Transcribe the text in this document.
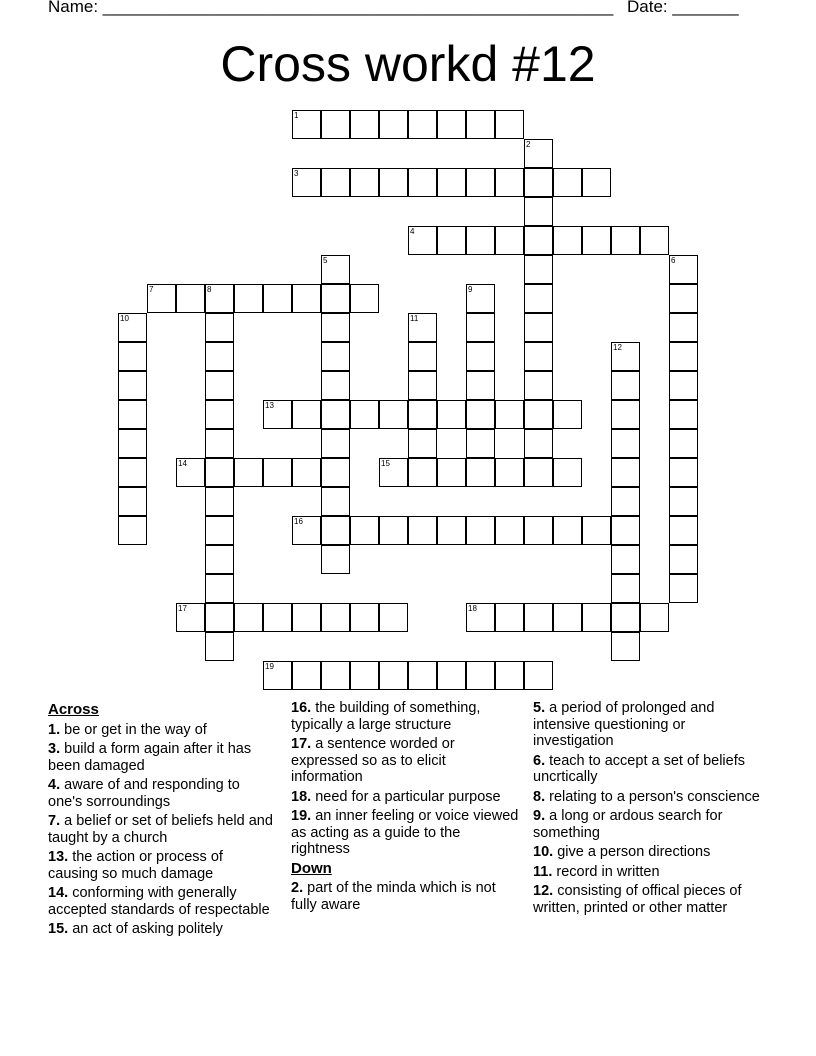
Name: ______________________________________________________ Date: _______
Cross workd #12
1
2
3
4
5	6
7	8	9
10	11
12
13
14	15
16
17	18
19
Across
1. be or get in the way of
3. build a form again after it has been damaged
4. aware of and responding to one's sorroundings
7. a belief or set of beliefs held and taught by a church
13. the action or process of causing so much damage
14. conforming with generally accepted standards of respectable
15. an act of asking politely
16. the building of something, typically a large structure
17. a sentence worded or expressed so as to elicit information
18. need for a particular purpose
19. an inner feeling or voice viewed as acting as a guide to the rightness
Down
2. part of the minda which is not fully aware
5. a period of prolonged and intensive questioning or investigation
6. teach to accept a set of beliefs uncrtically
8. relating to a person's conscience
9. a long or ardous search for something
10. give a person directions
11. record in written
12. consisting of offical pieces of written, printed or other matter
